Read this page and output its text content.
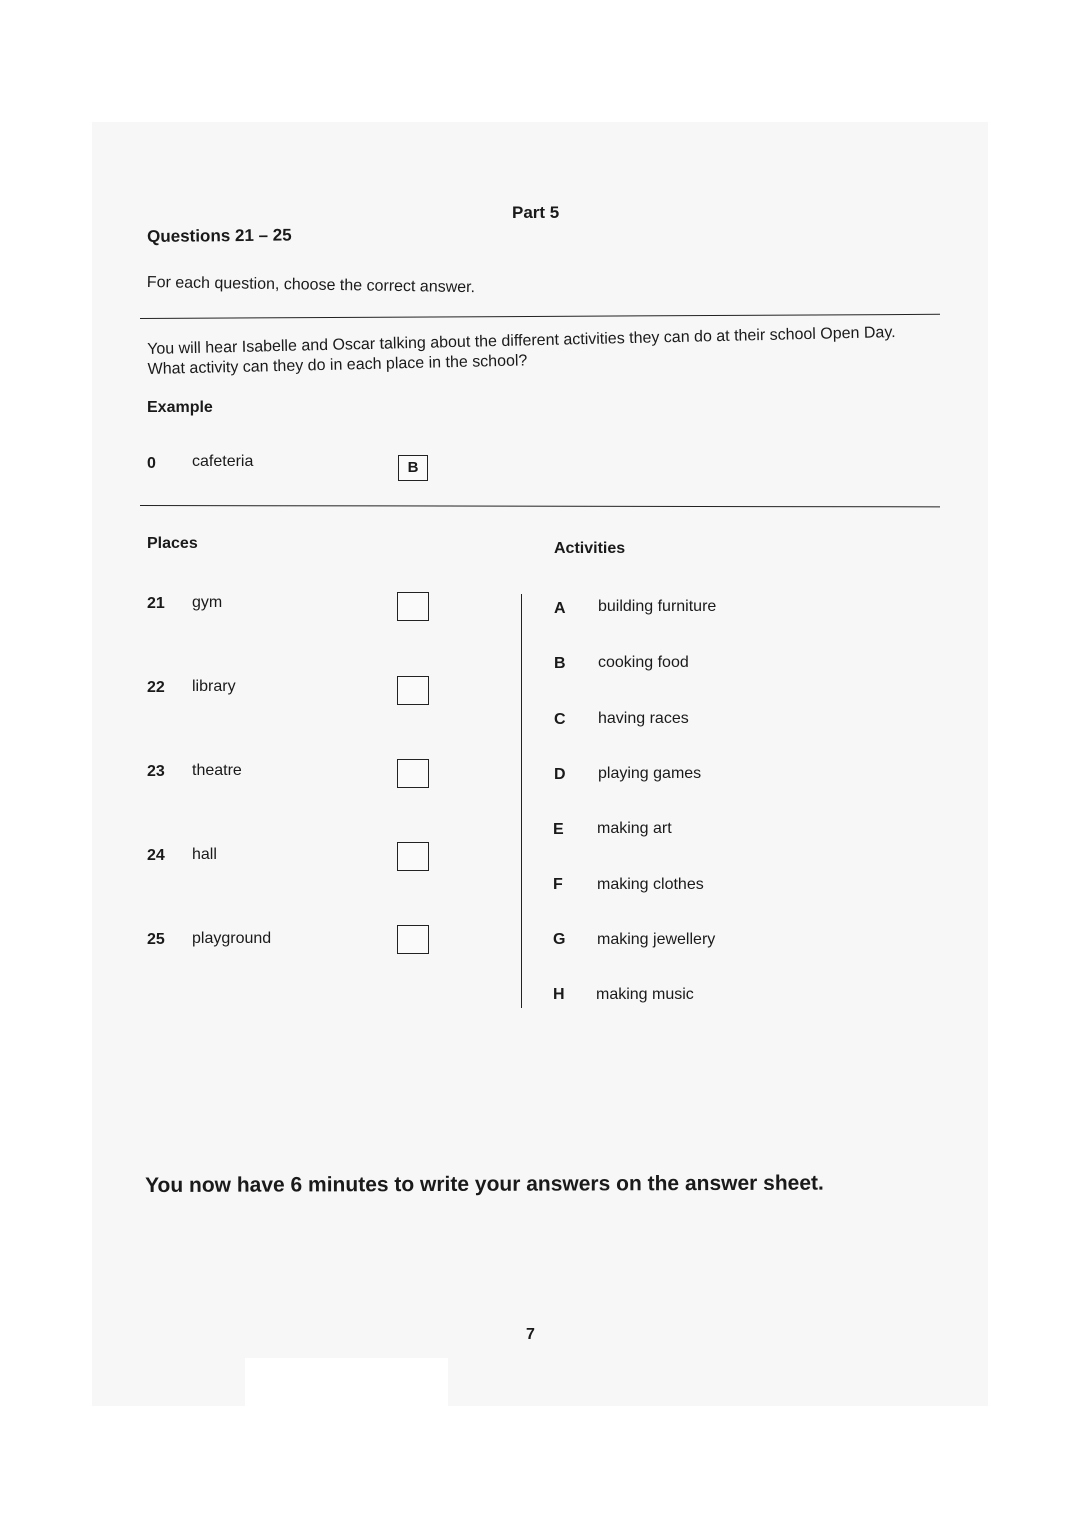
Part 5
Questions 21 – 25
For each question, choose the correct answer.
You will hear Isabelle and Oscar talking about the different activities they can do at their school Open Day. What activity can they do in each place in the school?
Example
0 cafeteria	B
Places	Activities
21 gym
22 library
23 theatre
24 hall
25 playground
A building furniture
B cooking food
C having races
D playing games
E making art
F making clothes
G making jewellery
H making music
You now have 6 minutes to write your answers on the answer sheet.
7
